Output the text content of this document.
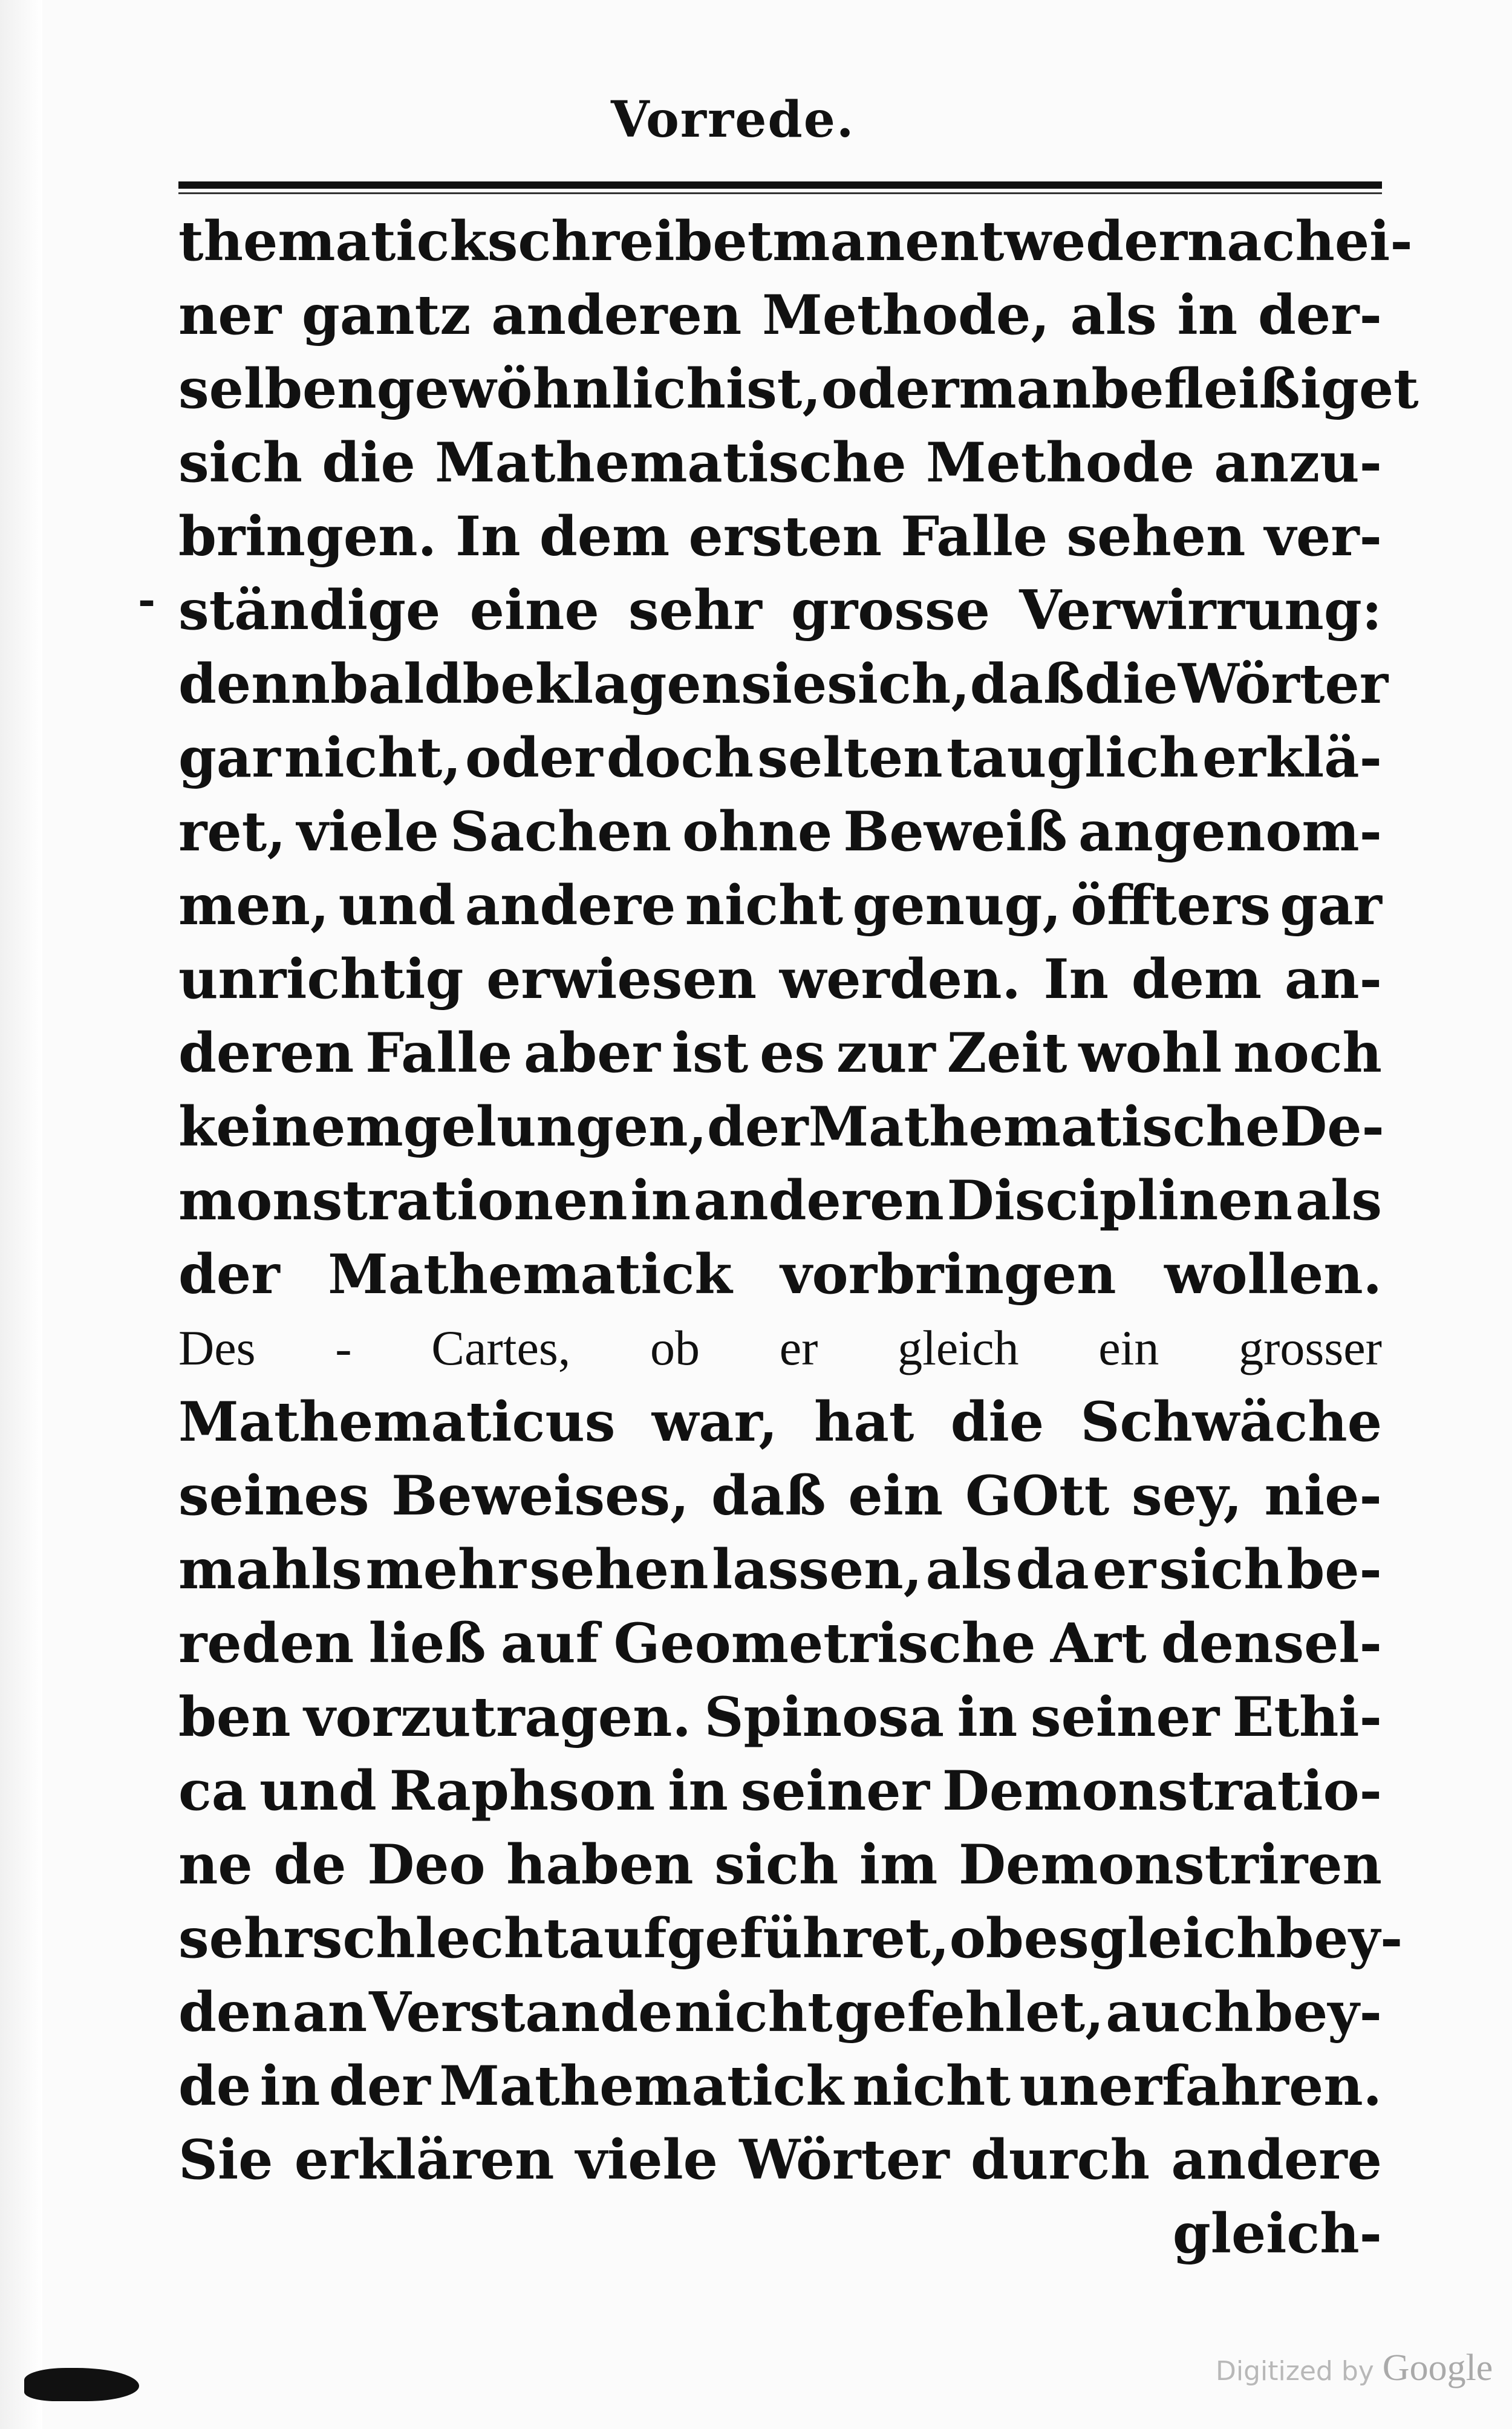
Vorrede.
-
thematick schreibet man entweder nach ei-
ner gantz anderen Methode, als in der-
selben gewöhnlich ist, oder man befleißiget
sich die Mathematische Methode anzu-
bringen. In dem ersten Falle sehen ver-
ständige eine sehr grosse Verwirrung:
denn bald beklagen sie sich, daß die Wörter
gar nicht, oder doch selten tauglich erklä-
ret, viele Sachen ohne Beweiß angenom-
men, und andere nicht genug, öffters gar
unrichtig erwiesen werden. In dem an-
deren Falle aber ist es zur Zeit wohl noch
keinem gelungen, der Mathematische De-
monstrationen in anderen Disciplinen als
der Mathematick vorbringen wollen.
Des - Cartes, ob er gleich ein grosser
Mathematicus war, hat die Schwäche
seines Beweises, daß ein GOtt sey, nie-
mahls mehr sehen lassen, als da er sich be-
reden ließ auf Geometrische Art densel-
ben vorzutragen. Spinosa in seiner Ethi-
ca und Raphson in seiner Demonstratio-
ne de Deo haben sich im Demonstriren
sehr schlecht aufgeführet, ob es gleich bey-
den an Verstande nicht gefehlet, auch bey-
de in der Mathematick nicht unerfahren.
Sie erklären viele Wörter durch andere
gleich-
Digitized by Google
